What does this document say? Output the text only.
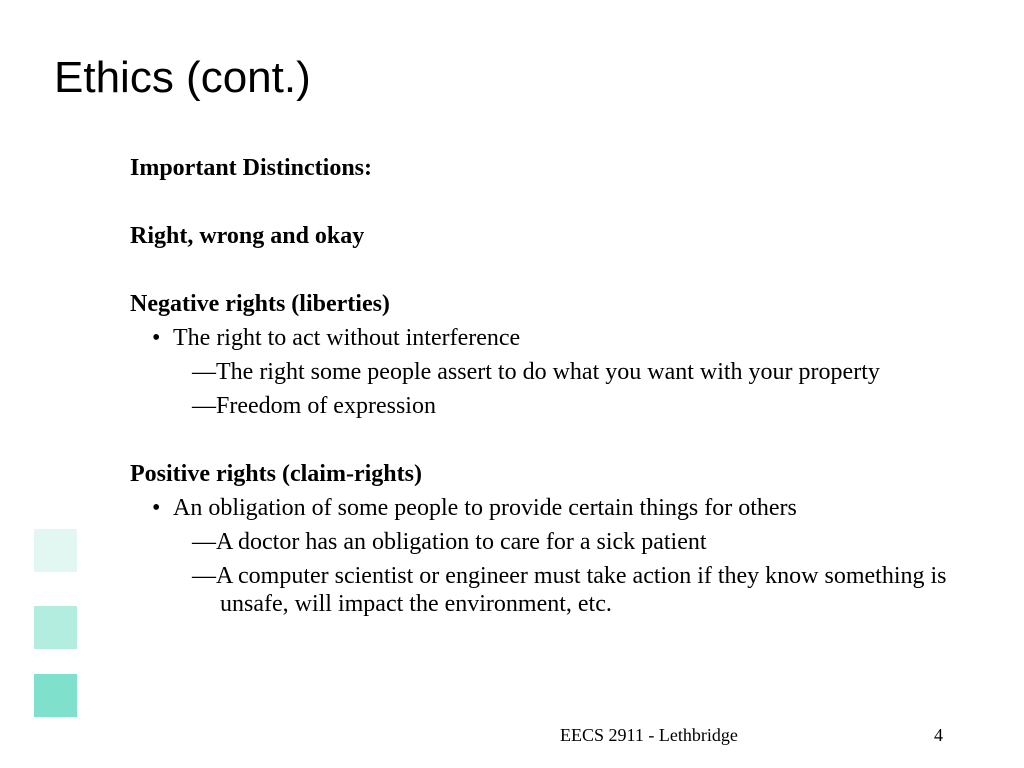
Ethics (cont.)

Important Distinctions:

Right, wrong and okay

Negative rights (liberties)

• The right to act without interference
—The right some people assert to do what you want with your property
—Freedom of expression

Positive rights (claim-rights)

• An obligation of some people to provide certain things for others
—A doctor has an obligation to care for a sick patient
—A computer scientist or engineer must take action if they know something is unsafe, will impact the environment, etc.
EECS 2911 - Lethbridge	4
